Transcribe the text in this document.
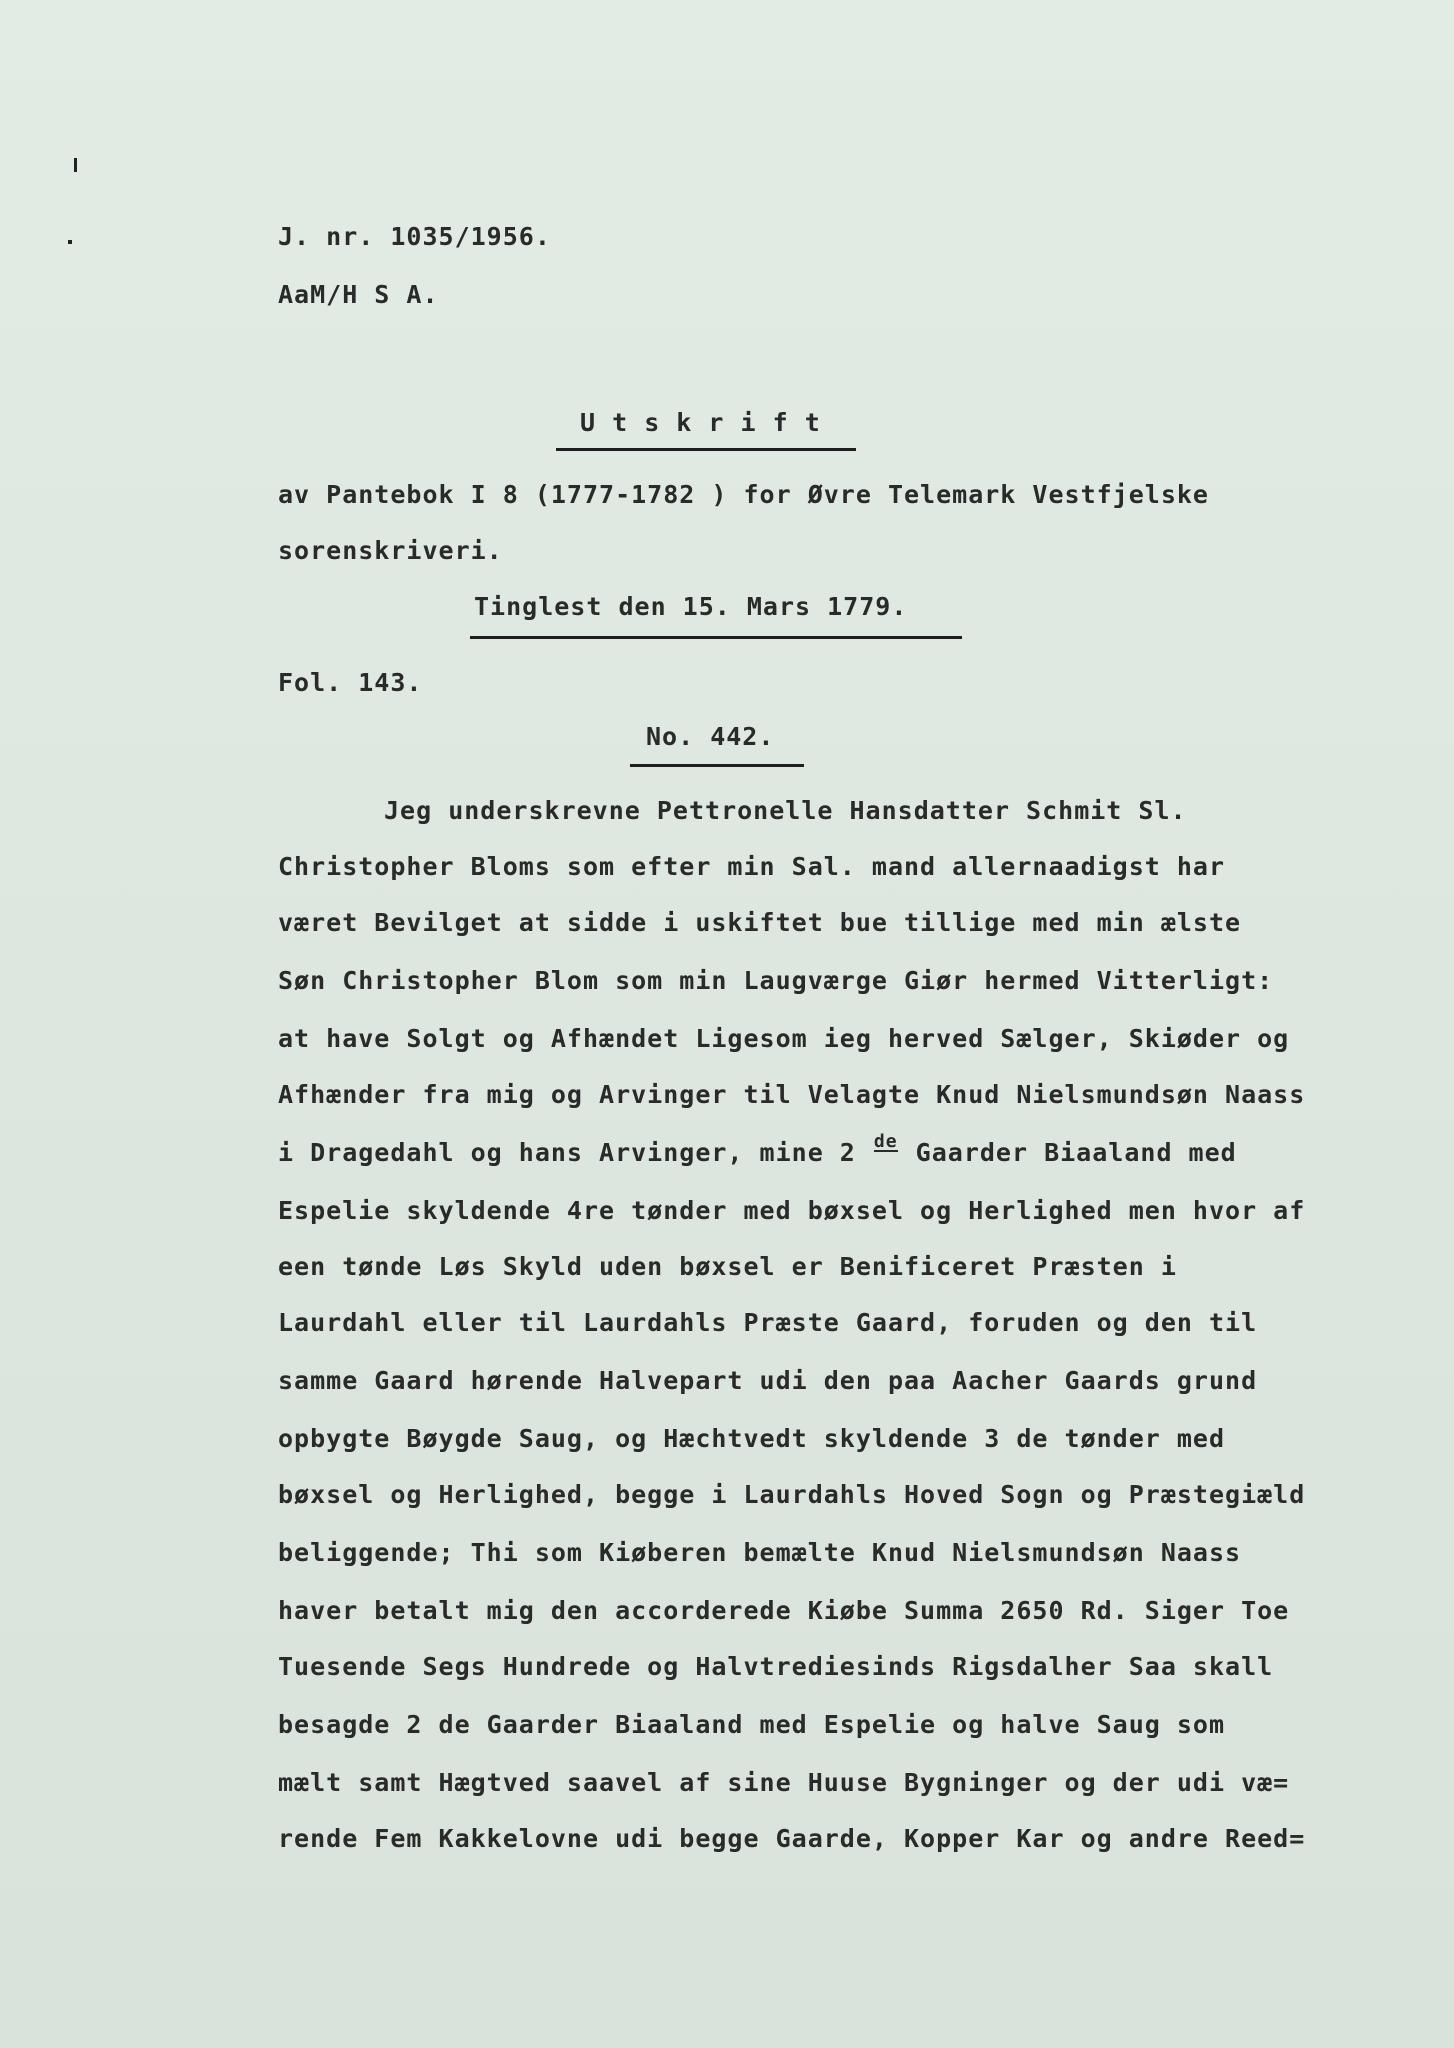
J. nr. 1035/1956.
AaM/H S A.
U t s k r i f t
av Pantebok I 8 (1777-1782 ) for Øvre Telemark Vestfjelske
sorenskriveri.
Tinglest den 15. Mars 1779.
Fol. 143.
No. 442.
Jeg underskrevne Pettronelle Hansdatter Schmit Sl.
Christopher Bloms som efter min Sal. mand allernaadigst har
været Bevilget at sidde i uskiftet bue tillige med min ælste
Søn Christopher Blom som min Laugværge Giør hermed Vitterligt:
at have Solgt og Afhændet Ligesom ieg herved Sælger, Skiøder og
Afhænder fra mig og Arvinger til Velagte Knud Nielsmundsøn Naass
i Dragedahl og hans Arvinger, mine 2 de Gaarder Biaaland med
Espelie skyldende 4re tønder med bøxsel og Herlighed men hvor af
een tønde Løs Skyld uden bøxsel er Benificeret Præsten i
Laurdahl eller til Laurdahls Præste Gaard, foruden og den til
samme Gaard hørende Halvepart udi den paa Aacher Gaards grund
opbygte Bøygde Saug, og Hæchtvedt skyldende 3 de tønder med
bøxsel og Herlighed, begge i Laurdahls Hoved Sogn og Præstegiæld
beliggende; Thi som Kiøberen bemælte Knud Nielsmundsøn Naass
haver betalt mig den accorderede Kiøbe Summa 2650 Rd. Siger Toe
Tuesende Segs Hundrede og Halvtrediesinds Rigsdalher Saa skall
besagde 2 de Gaarder Biaaland med Espelie og halve Saug som
mælt samt Hægtved saavel af sine Huuse Bygninger og der udi væ=
rende Fem Kakkelovne udi begge Gaarde, Kopper Kar og andre Reed=
